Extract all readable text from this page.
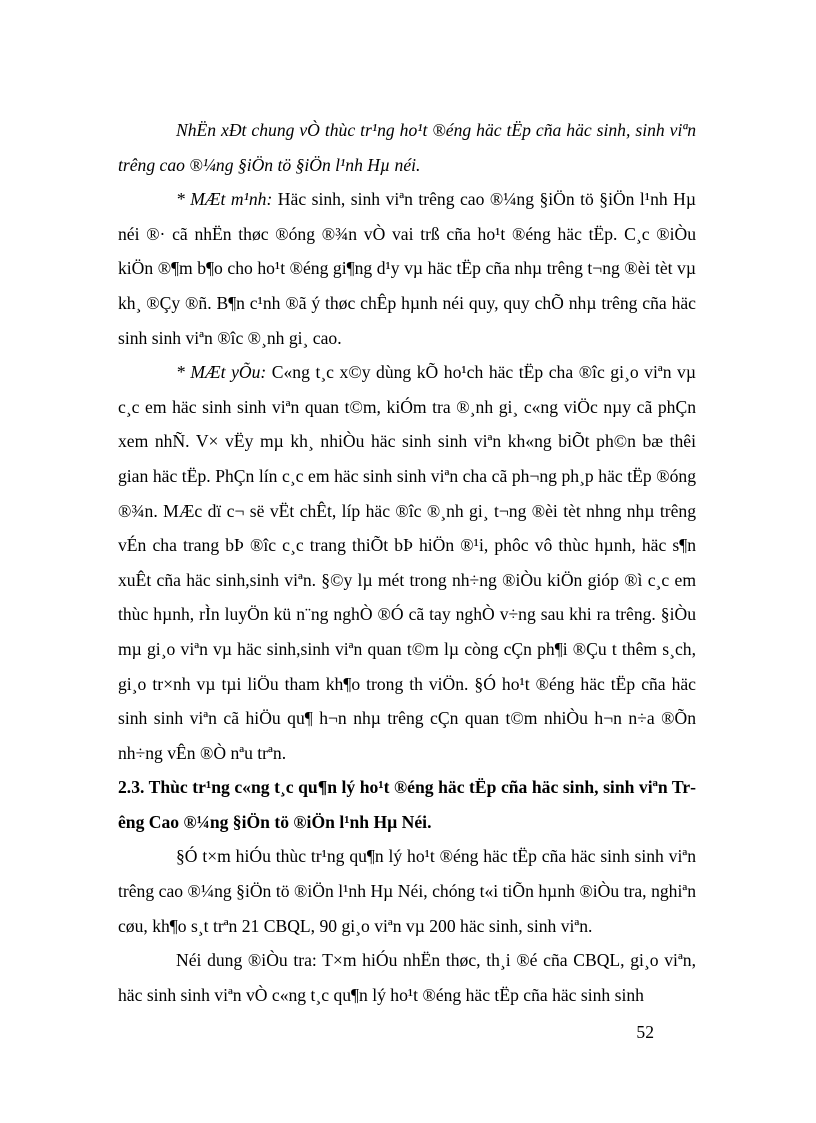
NhËn xÐt chung vÒ thùc tr¹ng ho¹t ®éng häc tËp cña häc sinh, sinh viªn trêng cao ®¼ng §iÖn tö §iÖn l¹nh Hµ néi.

* MÆt m¹nh: Häc sinh, sinh viªn trêng cao ®¼ng §iÖn tö §iÖn l¹nh Hµ néi ®· cã nhËn thøc ®óng ®¾n vÒ vai trß cña ho¹t ®éng häc tËp. C¸c ®iÒu kiÖn ®¶m b¶o cho ho¹t ®éng gi¶ng d¹y vµ häc tËp cña nhµ trêng t¬ng ®èi tèt vµ kh¸ ®Çy ®ñ. B¶n c¹nh ®ã ý thøc chÊp hµnh néi quy, quy chÕ nhµ trêng cña häc sinh sinh viªn ®îc ®¸nh gi¸ cao.

* MÆt yÕu: C«ng t¸c x©y dùng kÕ ho¹ch häc tËp cha ®îc gi¸o viªn vµ c¸c em häc sinh sinh viªn quan t©m, kiÓm tra ®¸nh gi¸ c«ng viÖc nµy cã phÇn xem nhÑ. V× vËy mµ kh¸ nhiÒu häc sinh sinh viªn kh«ng biÕt ph©n bæ thêi gian häc tËp. PhÇn lín c¸c em häc sinh sinh viªn cha cã ph¬ng ph¸p häc tËp ®óng ®¾n. MÆc dï c¬ së vËt chÊt, líp häc ®îc ®¸nh gi¸ t¬ng ®èi tèt nhng nhµ trêng vÉn cha trang bÞ ®îc c¸c trang thiÕt bÞ hiÖn ®¹i, phôc vô thùc hµnh, häc s¶n xuÊt cña häc sinh,sinh viªn. §©y lµ mét trong nh÷ng ®iÒu kiÖn gióp ®ì c¸c em thùc hµnh, rÌn luyÖn kü n¨ng nghÒ ®Ó cã tay nghÒ v÷ng sau khi ra trêng. §iÒu mµ gi¸o viªn vµ häc sinh,sinh viªn quan t©m lµ còng cÇn ph¶i ®Çu t thêm s¸ch, gi¸o tr×nh vµ tµi liÖu tham kh¶o trong th viÖn. §Ó ho¹t ®éng häc tËp cña häc sinh sinh viªn cã hiÖu qu¶ h¬n nhµ trêng cÇn quan t©m nhiÒu h¬n n÷a ®Õn nh÷ng vÊn ®Ò nªu trªn.

2.3. Thùc tr¹ng c«ng t¸c qu¶n lý ho¹t ®éng häc tËp cña häc sinh, sinh viªn Trêng Cao ®¼ng §iÖn tö ®iÖn l¹nh Hµ Néi.

§Ó t×m hiÓu thùc tr¹ng qu¶n lý ho¹t ®éng häc tËp cña häc sinh sinh viªn trêng cao ®¼ng §iÖn tö ®iÖn l¹nh Hµ Néi, chóng t«i tiÕn hµnh ®iÒu tra, nghiªn cøu, kh¶o s¸t trªn 21 CBQL, 90 gi¸o viªn vµ 200 häc sinh, sinh viªn.

Néi dung ®iÒu tra: T×m hiÓu nhËn thøc, th¸i ®é cña CBQL, gi¸o viªn, häc sinh sinh viªn vÒ c«ng t¸c qu¶n lý ho¹t ®éng häc tËp cña häc sinh sinh

52
